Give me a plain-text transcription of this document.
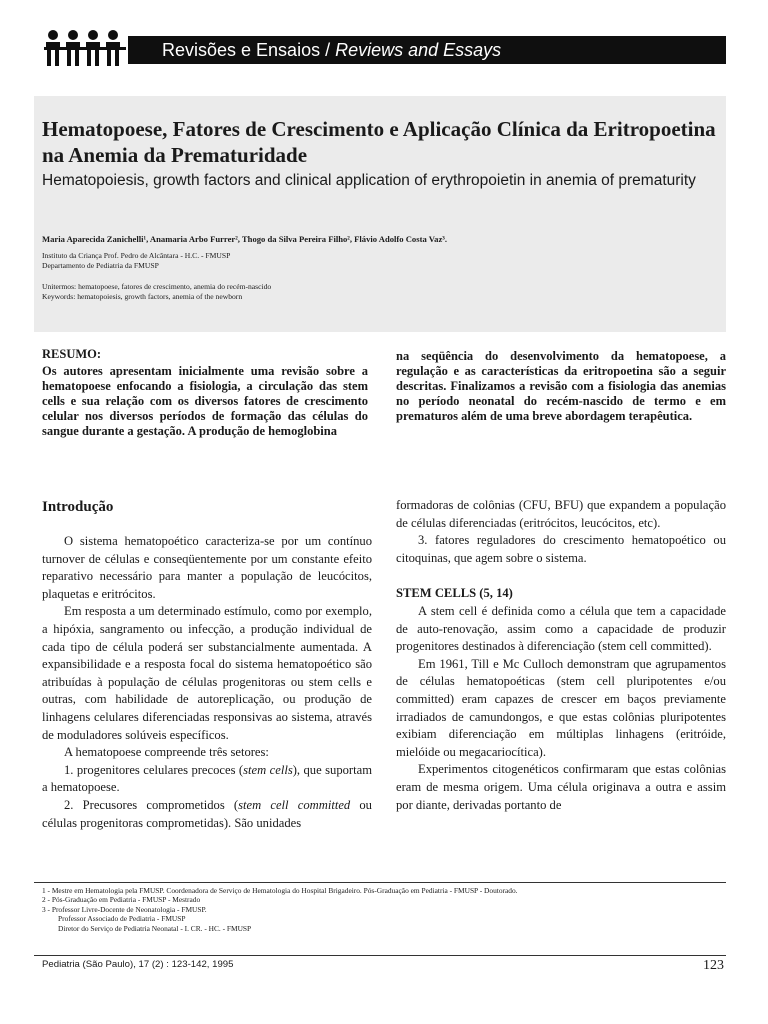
Revisões e Ensaios / Reviews and Essays
Hematopoese, Fatores de Crescimento e Aplicação Clínica da Eritropoetina na Anemia da Prematuridade
Hematopoiesis, growth factors and clinical application of erythropoietin in anemia of prematurity
Maria Aparecida Zanichelli¹, Anamaria Arbo Furrer², Thogo da Silva Pereira Filho², Flávio Adolfo Costa Vaz³.
Instituto da Criança Prof. Pedro de Alcântara - H.C. - FMUSP
Departamento de Pediatria da FMUSP
Unitermos: hematopoese, fatores de crescimento, anemia do recém-nascido
Keywords: hematopoiesis, growth factors, anemia of the newborn
RESUMO:

Os autores apresentam inicialmente uma revisão sobre a hematopoese enfocando a fisiologia, a circulação das stem cells e sua relação com os diversos fatores de crescimento celular nos diversos períodos de formação das células do sangue durante a gestação. A produção de hemoglobina

na seqüência do desenvolvimento da hematopoese, a regulação e as características da eritropoetina são a seguir descritas. Finalizamos a revisão com a fisiologia das anemias no período neonatal do recém-nascido de termo e em prematuros além de uma breve abordagem terapêutica.

Introdução

O sistema hematopoético caracteriza-se por um contínuo turnover de células e conseqüentemente por um constante efeito reparativo necessário para manter a população de leucócitos, plaquetas e eritrócitos.

Em resposta a um determinado estímulo, como por exemplo, a hipóxia, sangramento ou infecção, a produção individual de cada tipo de célula poderá ser substancialmente aumentada. A expansibilidade e a resposta focal do sistema hematopoético são atribuídas à população de células progenitoras ou stem cells e outras, com habilidade de autoreplicação, ou produção de linhagens celulares diferenciadas responsivas ao sistema, através de moduladores solúveis específicos.

A hematopoese compreende três setores:

1. progenitores celulares precoces (stem cells), que suportam a hematopoese.

2. Precusores comprometidos (stem cell committed ou células progenitoras comprometidas). São unidades

formadoras de colônias (CFU, BFU) que expandem a população de células diferenciadas (eritrócitos, leucócitos, etc).

3. fatores reguladores do crescimento hematopoético ou citoquinas, que agem sobre o sistema.

STEM CELLS (5, 14)

A stem cell é definida como a célula que tem a capacidade de auto-renovação, assim como a capacidade de produzir progenitores destinados à diferenciação (stem cell committed).

Em 1961, Till e Mc Culloch demonstram que agrupamentos de células hematopoéticas (stem cell pluripotentes e/ou committed) eram capazes de crescer em baços previamente irradiados de camundongos, e que estas colônias pluripotentes exibiam diferenciação em múltiplas linhagens (eritróide, mielóide ou megacariocítica).

Experimentos citogenéticos confirmaram que estas colônias eram de mesma origem. Uma célula originava a outra e assim por diante, derivadas portanto de

1 - Mestre em Hematologia pela FMUSP. Coordenadora de Serviço de Hematologia do Hospital Brigadeiro. Pós-Graduação em Pediatria - FMUSP - Doutorado.
2 - Pós-Graduação em Pediatria - FMUSP - Mestrado
3 - Professor Livre-Docente de Neonatologia - FMUSP.
Professor Associado de Pediatria - FMUSP
Diretor do Serviço de Pediatria Neonatal - I. CR. - HC. - FMUSP
Pediatria (São Paulo), 17 (2) : 123-142, 1995	123
